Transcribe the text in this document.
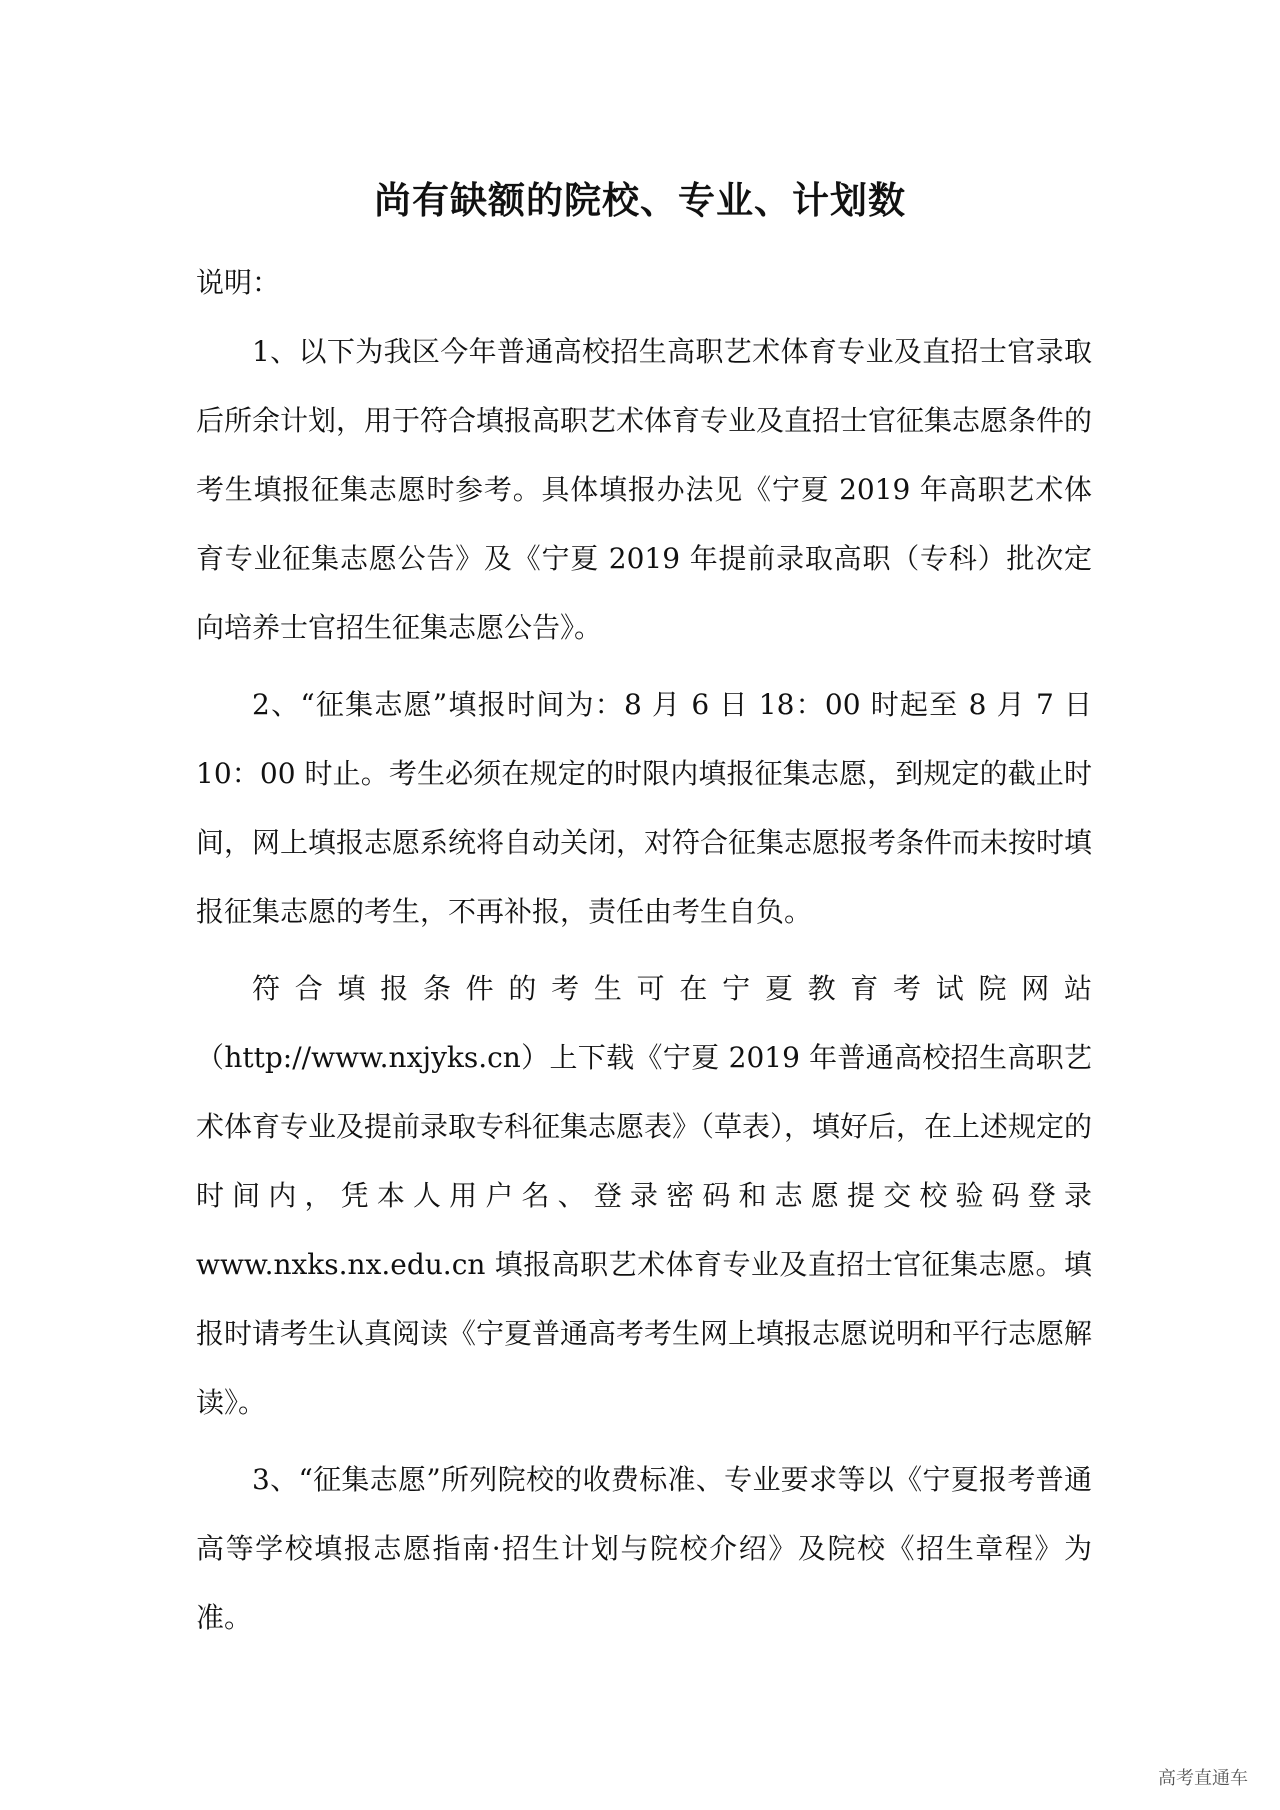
尚有缺额的院校、专业、计划数

说明：

1、以下为我区今年普通高校招生高职艺术体育专业及直招士官录取后所余计划，用于符合填报高职艺术体育专业及直招士官征集志愿条件的考生填报征集志愿时参考。具体填报办法见《宁夏 2019 年高职艺术体育专业征集志愿公告》及《宁夏 2019 年提前录取高职（专科）批次定向培养士官招生征集志愿公告》。

2、“征集志愿”填报时间为：8 月 6 日 18：00 时起至 8 月 7 日 10：00 时止。考生必须在规定的时限内填报征集志愿，到规定的截止时间，网上填报志愿系统将自动关闭，对符合征集志愿报考条件而未按时填报征集志愿的考生，不再补报，责任由考生自负。

符合填报条件的考生可在宁夏教育考试院网站（http://www.nxjyks.cn）上下载《宁夏 2019 年普通高校招生高职艺术体育专业及提前录取专科征集志愿表》（草表），填好后，在上述规定的时间内，凭本人用户名、登录密码和志愿提交校验码登录 www.nxks.nx.edu.cn 填报高职艺术体育专业及直招士官征集志愿。填报时请考生认真阅读《宁夏普通高考考生网上填报志愿说明和平行志愿解读》。

3、“征集志愿”所列院校的收费标准、专业要求等以《宁夏报考普通高等学校填报志愿指南·招生计划与院校介绍》及院校《招生章程》为准。

高考直通车
